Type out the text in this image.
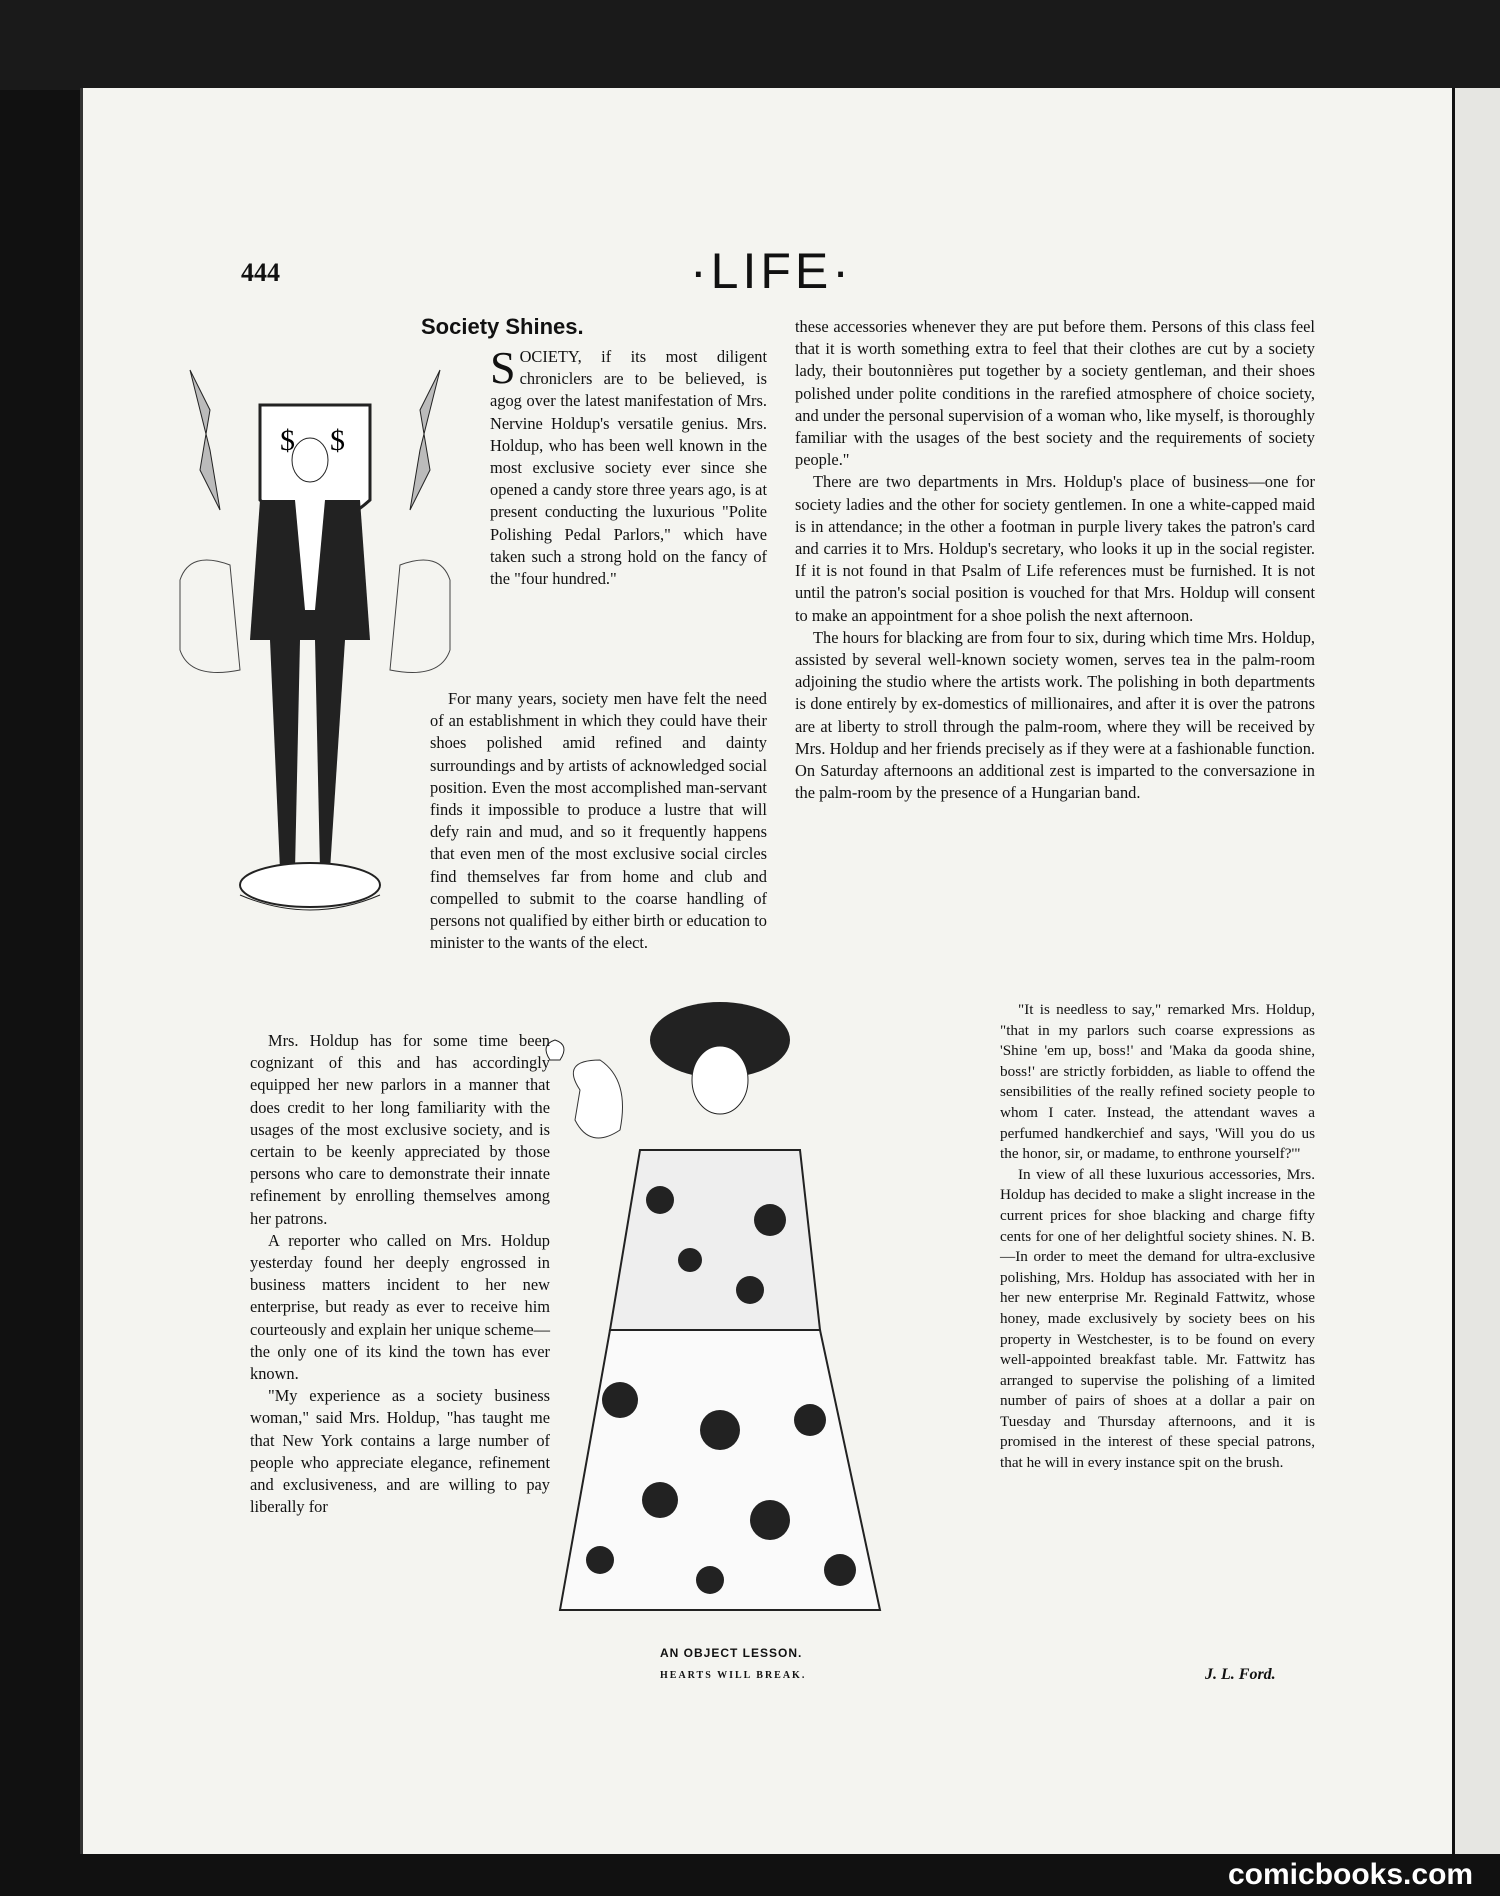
444	·LIFE·
Society Shines.
$ $
S OCIETY, if its most diligent chroniclers are to be believed, is agog over the latest manifestation of Mrs. Nervine Holdup's versatile genius. Mrs. Holdup, who has been well known in the most exclusive society ever since she opened a candy store three years ago, is at present conducting the luxurious "Polite Polishing Pedal Parlors," which have taken such a strong hold on the fancy of the "four hundred."

For many years, society men have felt the need of an establishment in which they could have their shoes polished amid refined and dainty surroundings and by artists of acknowledged social position. Even the most accomplished man-servant finds it impossible to produce a lustre that will defy rain and mud, and so it frequently happens that even men of the most exclusive social circles find themselves far from home and club and compelled to submit to the coarse handling of persons not qualified by either birth or education to minister to the wants of the elect.

Mrs. Holdup has for some time been cognizant of this and has accordingly equipped her new parlors in a manner that does credit to her long familiarity with the usages of the most exclusive society, and is certain to be keenly appreciated by those persons who care to demonstrate their innate refinement by enrolling themselves among her patrons.

A reporter who called on Mrs. Holdup yesterday found her deeply engrossed in business matters incident to her new enterprise, but ready as ever to receive him courteously and explain her unique scheme—the only one of its kind the town has ever known.

"My experience as a society business woman," said Mrs. Holdup, "has taught me that New York contains a large number of people who appreciate elegance, refinement and exclusiveness, and are willing to pay liberally for

these accessories whenever they are put before them. Persons of this class feel that it is worth something extra to feel that their clothes are cut by a society lady, their boutonnières put together by a society gentleman, and their shoes polished under polite conditions in the rarefied atmosphere of choice society, and under the personal supervision of a woman who, like myself, is thoroughly familiar with the usages of the best society and the requirements of society people."

There are two departments in Mrs. Holdup's place of business—one for society ladies and the other for society gentlemen. In one a white-capped maid is in attendance; in the other a footman in purple livery takes the patron's card and carries it to Mrs. Holdup's secretary, who looks it up in the social register. If it is not found in that Psalm of Life references must be furnished. It is not until the patron's social position is vouched for that Mrs. Holdup will consent to make an appointment for a shoe polish the next afternoon.

The hours for blacking are from four to six, during which time Mrs. Holdup, assisted by several well-known society women, serves tea in the palm-room adjoining the studio where the artists work. The polishing in both departments is done entirely by ex-domestics of millionaires, and after it is over the patrons are at liberty to stroll through the palm-room, where they will be received by Mrs. Holdup and her friends precisely as if they were at a fashionable function. On Saturday afternoons an additional zest is imparted to the conversazione in the palm-room by the presence of a Hungarian band.

"It is needless to say," remarked Mrs. Holdup, "that in my parlors such coarse expressions as 'Shine 'em up, boss!' and 'Maka da gooda shine, boss!' are strictly forbidden, as liable to offend the sensibilities of the really refined society people to whom I cater. Instead, the attendant waves a perfumed handkerchief and says, 'Will you do us the honor, sir, or madame, to enthrone yourself?'"

In view of all these luxurious accessories, Mrs. Holdup has decided to make a slight increase in the current prices for shoe blacking and charge fifty cents for one of her delightful society shines. N. B.—In order to meet the demand for ultra-exclusive polishing, Mrs. Holdup has associated with her in her new enterprise Mr. Reginald Fattwitz, whose honey, made exclusively by society bees on his property in Westchester, is to be found on every well-appointed breakfast table. Mr. Fattwitz has arranged to supervise the polishing of a limited number of pairs of shoes at a dollar a pair on Tuesday and Thursday afternoons, and it is promised in the interest of these special patrons, that he will in every instance spit on the brush.

AN OBJECT LESSON.
HEARTS WILL BREAK.	J. L. Ford.
comicbooks.com
